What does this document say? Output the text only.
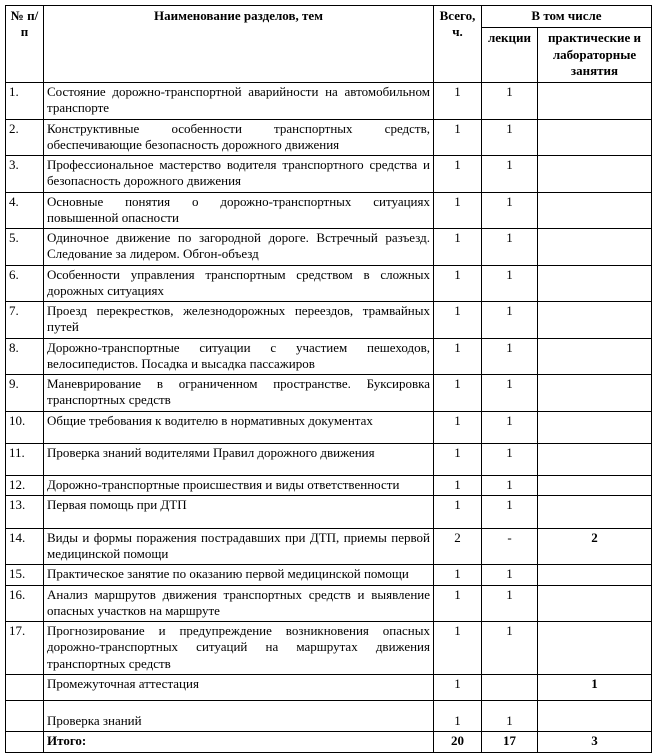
№ п/п	Наименование разделов, тем	Всего, ч.	В том числе	
			лекции	практические и лабораторные занятия
1.	Состояние дорожно-транспортной аварийности на автомобильном транспорте	1	1	
2.	Конструктивные особенности транспортных средств, обеспечивающие безопасность дорожного движения	1	1	
3.	Профессиональное мастерство водителя транспортного средства и безопасность дорожного движения	1	1	
4.	Основные понятия о дорожно-транспортных ситуациях повышенной опасности	1	1	
5.	Одиночное движение по загородной дороге. Встречный разъезд. Следование за лидером. Обгон-объезд	1	1	
6.	Особенности управления транспортным средством в сложных дорожных ситуациях	1	1	
7.	Проезд перекрестков, железнодорожных переездов, трамвайных путей	1	1	
8.	Дорожно-транспортные ситуации с участием пешеходов, велосипедистов. Посадка и высадка пассажиров	1	1	
9.	Маневрирование в ограниченном пространстве. Буксировка транспортных средств	1	1	
10.	Общие требования к водителю в нормативных документах	1	1	
11.	Проверка знаний водителями Правил дорожного движения	1	1	
12.	Дорожно-транспортные происшествия и виды ответственности	1	1	
13.	Первая помощь при ДТП	1	1	
14.	Виды и формы поражения пострадавших при ДТП, приемы первой медицинской помощи	2	-	2
15.	Практическое занятие по оказанию первой медицинской помощи	1	1	
16.	Анализ маршрутов движения транспортных средств и выявление опасных участков на маршруте	1	1	
17.	Прогнозирование и предупреждение возникновения опасных дорожно-транспортных ситуаций на маршрутах движения транспортных средств	1	1	
	Промежуточная аттестация	1		1
	Проверка знаний	1	1	
	Итого:	20	17	3
